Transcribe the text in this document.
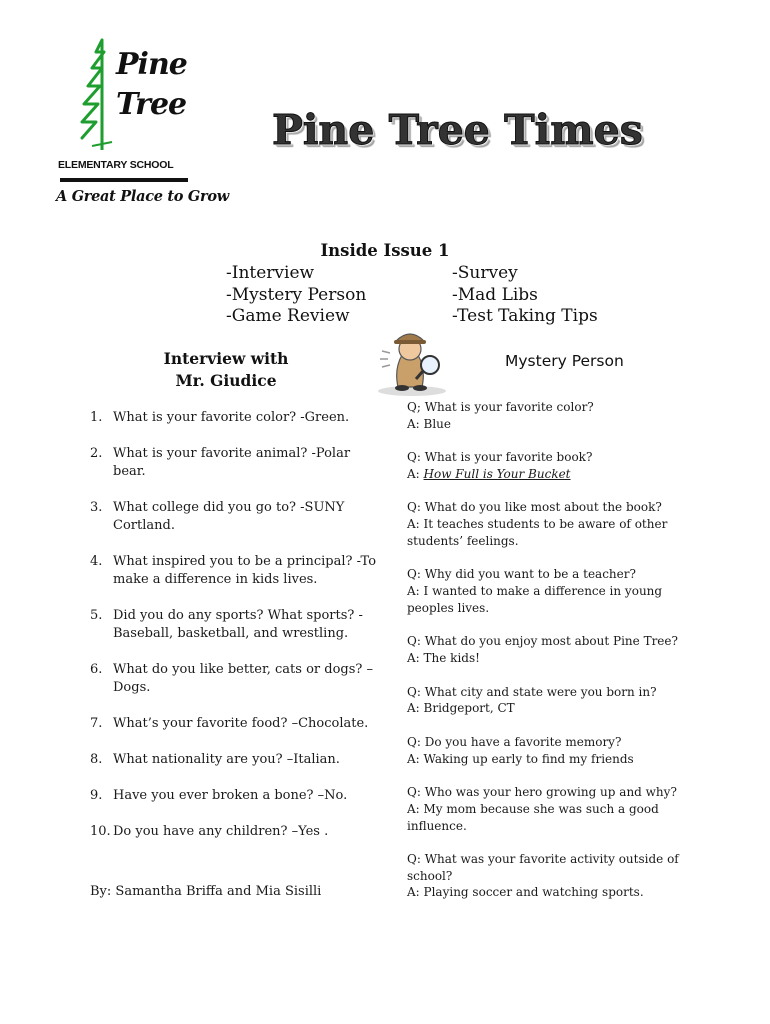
Pine
Tree
ELEMENTARY SCHOOL
A Great Place to Grow
Pine Tree Times
Inside Issue 1
-Interview
-Mystery Person
-Game Review
-Survey
-Mad Libs
-Test Taking Tips
Interview with
Mr. Giudice
1. What is your favorite color? -Green.
2. What is your favorite animal? -Polar bear.
3. What college did you go to? -SUNY Cortland.
4. What inspired you to be a principal? -To make a difference in kids lives.
5. Did you do any sports? What sports? -Baseball, basketball, and wrestling.
6. What do you like better, cats or dogs? –Dogs.
7. What’s your favorite food? –Chocolate.
8. What nationality are you? –Italian.
9. Have you ever broken a bone? –No.
10. Do you have any children? –Yes .
By: Samantha Briffa and Mia Sisilli
Mystery Person
Q; What is your favorite color?
A: Blue
Q: What is your favorite book?
A: How Full is Your Bucket
Q: What do you like most about the book?
A: It teaches students to be aware of other students’ feelings.
Q: Why did you want to be a teacher?
A: I wanted to make a difference in young peoples lives.
Q: What do you enjoy most about Pine Tree?
A: The kids!
Q: What city and state were you born in?
A: Bridgeport, CT
Q: Do you have a favorite memory?
A: Waking up early to find my friends
Q: Who was your hero growing up and why?
A: My mom because she was such a good influence.
Q: What was your favorite activity outside of school?
A: Playing soccer and watching sports.
